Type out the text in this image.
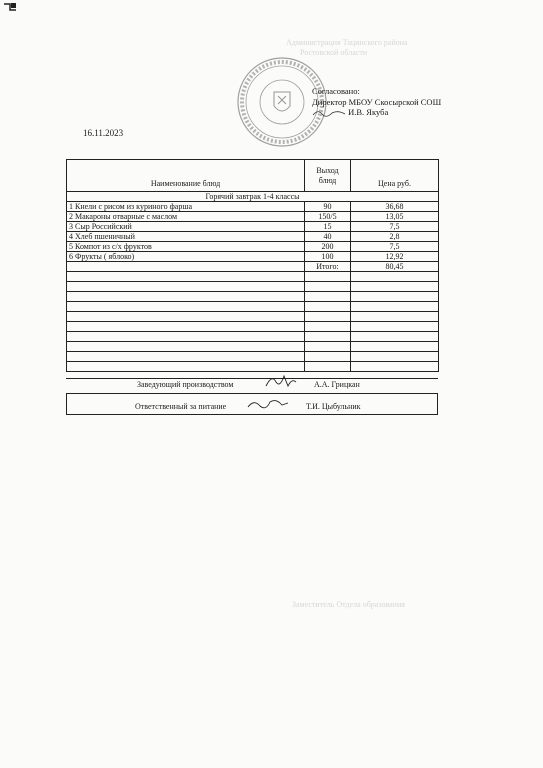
Администрация Тацинского района
Ростовской области
Заместитель Отдела образования
Согласовано:
Директор МБОУ Скосырской СОШ
И.В. Якуба
16.11.2023
Наименование блюд	Выход блюд	Цена руб.
Горячий завтрак 1-4 классы		
1 Кнели с рисом из куриного фарша	90	36,68
2 Макароны отварные с маслом	150/5	13,05
3 Сыр Российский	15	7,5
4 Хлеб пшеничный	40	2,8
5 Компот из с/х фруктов	200	7,5
6 Фрукты ( яблоко)	100	12,92
	Итого:	80,45

Заведующий производством	А.А. Грицкан
Ответственный за питание	Т.И. Цыбульник
